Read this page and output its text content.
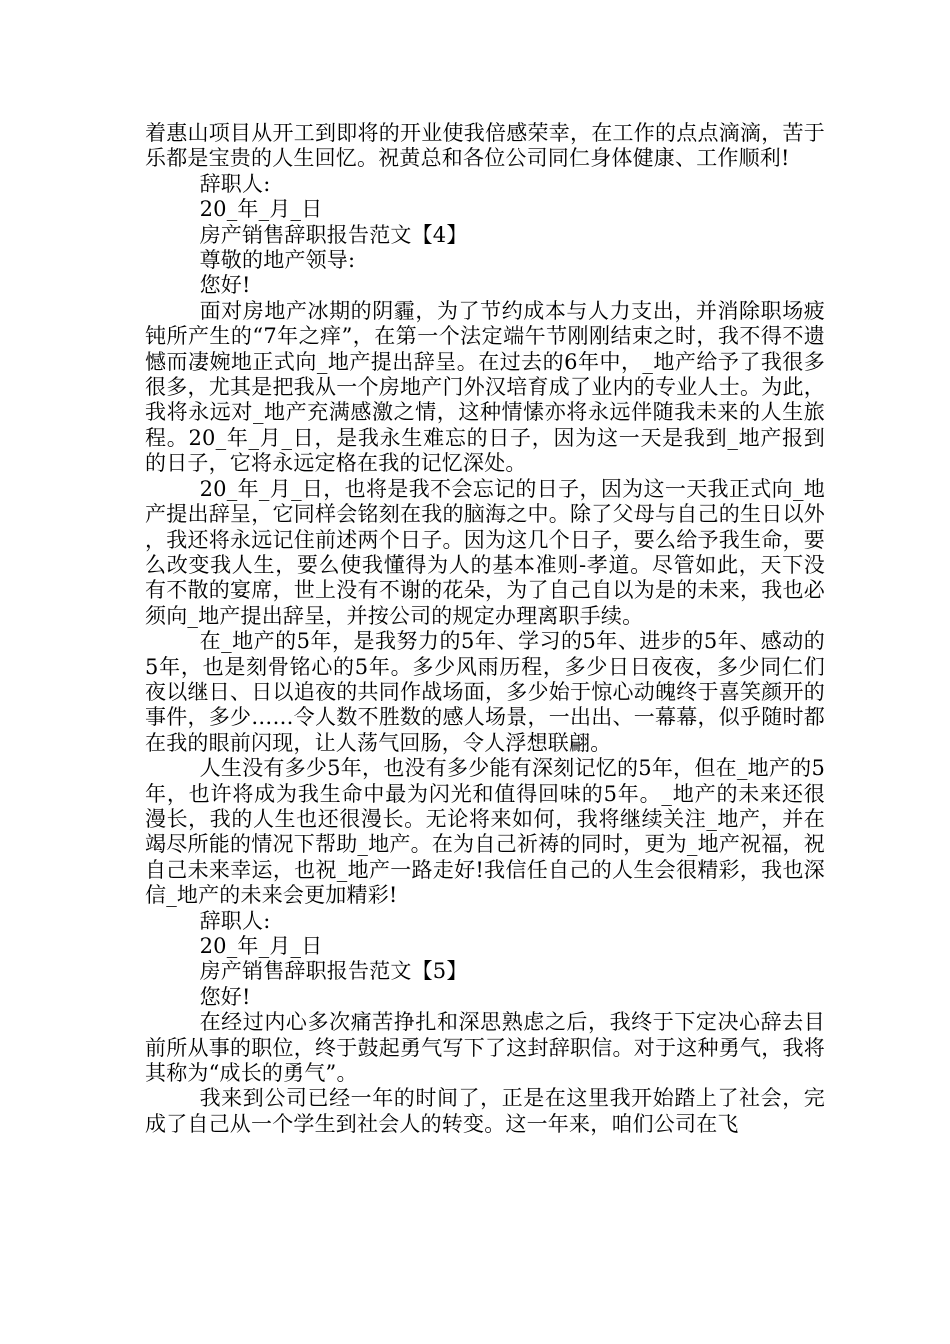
着惠山项目从开工到即将的开业使我倍感荣幸，在工作的点点滴滴，苦于乐都是宝贵的人生回忆。祝黄总和各位公司同仁身体健康、工作顺利!

辞职人:

20_年_月_日

房产销售辞职报告范文【4】

尊敬的地产领导:

您好!

面对房地产冰期的阴霾，为了节约成本与人力支出，并消除职场疲钝所产生的“7年之痒”，在第一个法定端午节刚刚结束之时，我不得不遗憾而凄婉地正式向_地产提出辞呈。在过去的6年中，_地产给予了我很多很多，尤其是把我从一个房地产门外汉培育成了业内的专业人士。为此，我将永远对_地产充满感激之情，这种情愫亦将永远伴随我未来的人生旅程。20_年_月_日，是我永生难忘的日子，因为这一天是我到_地产报到的日子，它将永远定格在我的记忆深处。

20_年_月_日，也将是我不会忘记的日子，因为这一天我正式向_地产提出辞呈，它同样会铭刻在我的脑海之中。除了父母与自己的生日以外，我还将永远记住前述两个日子。因为这几个日子，要么给予我生命，要么改变我人生，要么使我懂得为人的基本准则-孝道。尽管如此，天下没有不散的宴席，世上没有不谢的花朵，为了自己自以为是的未来，我也必须向_地产提出辞呈，并按公司的规定办理离职手续。

在_地产的5年，是我努力的5年、学习的5年、进步的5年、感动的5年，也是刻骨铭心的5年。多少风雨历程，多少日日夜夜，多少同仁们夜以继日、日以追夜的共同作战场面，多少始于惊心动魄终于喜笑颜开的事件，多少……令人数不胜数的感人场景，一出出、一幕幕，似乎随时都在我的眼前闪现，让人荡气回肠，令人浮想联翩。

人生没有多少5年，也没有多少能有深刻记忆的5年，但在_地产的5年，也许将成为我生命中最为闪光和值得回味的5年。_地产的未来还很漫长，我的人生也还很漫长。无论将来如何，我将继续关注_地产，并在竭尽所能的情况下帮助_地产。在为自己祈祷的同时，更为_地产祝福，祝自己未来幸运，也祝_地产一路走好!我信任自己的人生会很精彩，我也深信_地产的未来会更加精彩!

辞职人:

20_年_月_日

房产销售辞职报告范文【5】

您好!

在经过内心多次痛苦挣扎和深思熟虑之后，我终于下定决心辞去目前所从事的职位，终于鼓起勇气写下了这封辞职信。对于这种勇气，我将其称为“成长的勇气”。

我来到公司已经一年的时间了，正是在这里我开始踏上了社会，完成了自己从一个学生到社会人的转变。这一年来，咱们公司在飞
